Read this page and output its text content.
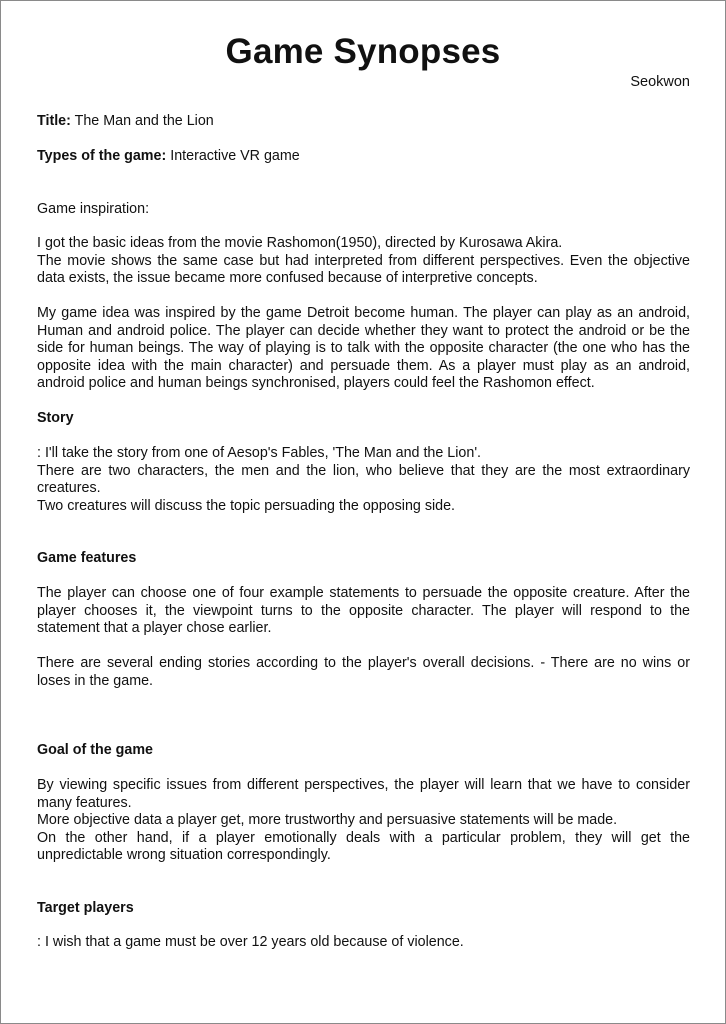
Game Synopses
Seokwon
Title: The Man and the Lion
Types of the game: Interactive VR game
Game inspiration:

I got the basic ideas from the movie Rashomon(1950), directed by Kurosawa Akira.

The movie shows the same case but had interpreted from different perspectives. Even the objective data exists, the issue became more confused because of interpretive concepts.

My game idea was inspired by the game Detroit become human. The player can play as an android, Human and android police. The player can decide whether they want to protect the android or be the side for human beings. The way of playing is to talk with the opposite character (the one who has the opposite idea with the main character) and persuade them. As a player must play as an android, android police and human beings synchronised, players could feel the Rashomon effect.

Story

: I'll take the story from one of Aesop's Fables, 'The Man and the Lion'.

There are two characters, the men and the lion, who believe that they are the most extraordinary creatures.

Two creatures will discuss the topic persuading the opposing side.

Game features

The player can choose one of four example statements to persuade the opposite creature. After the player chooses it, the viewpoint turns to the opposite character. The player will respond to the statement that a player chose earlier.

There are several ending stories according to the player's overall decisions. - There are no wins or loses in the game.

Goal of the game

By viewing specific issues from different perspectives, the player will learn that we have to consider many features.

More objective data a player get, more trustworthy and persuasive statements will be made.

On the other hand, if a player emotionally deals with a particular problem, they will get the unpredictable wrong situation correspondingly.

Target players

: I wish that a game must be over 12 years old because of violence.
